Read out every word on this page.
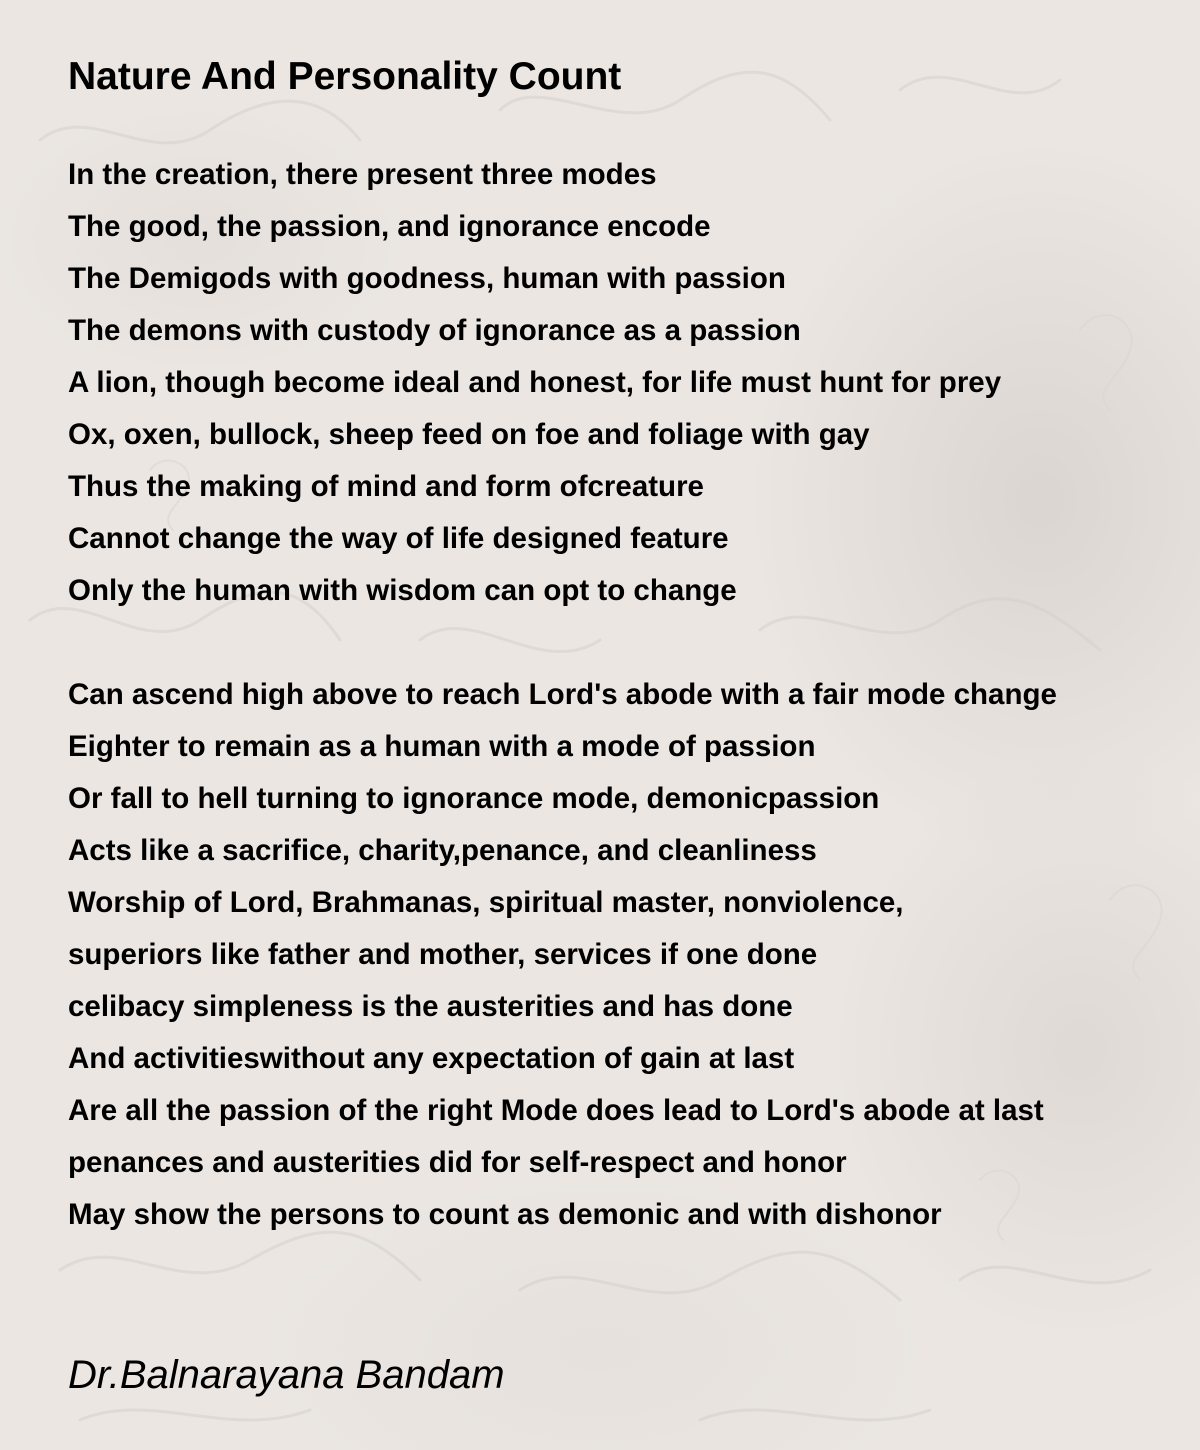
Nature And Personality Count

In the creation, there present three modes
The good, the passion, and ignorance encode
The Demigods with goodness, human with passion
The demons with custody of ignorance as a passion
A lion, though become ideal and honest, for life must hunt for prey
Ox, oxen, bullock, sheep feed on foe and foliage with gay
Thus the making of mind and form ofcreature
Cannot change the way of life designed feature
Only the human with wisdom can opt to change

Can ascend high above to reach Lord's abode with a fair mode change
Eighter to remain as a human with a mode of passion
Or fall to hell turning to ignorance mode, demonicpassion
Acts like a sacrifice, charity,penance, and cleanliness
Worship of Lord, Brahmanas, spiritual master, nonviolence,
superiors like father and mother, services if one done
celibacy simpleness is the austerities and has done
And activitieswithout any expectation of gain at last
Are all the passion of the right Mode does lead to Lord's abode at last
penances and austerities did for self-respect and honor
May show the persons to count as demonic and with dishonor

Dr.Balnarayana Bandam
